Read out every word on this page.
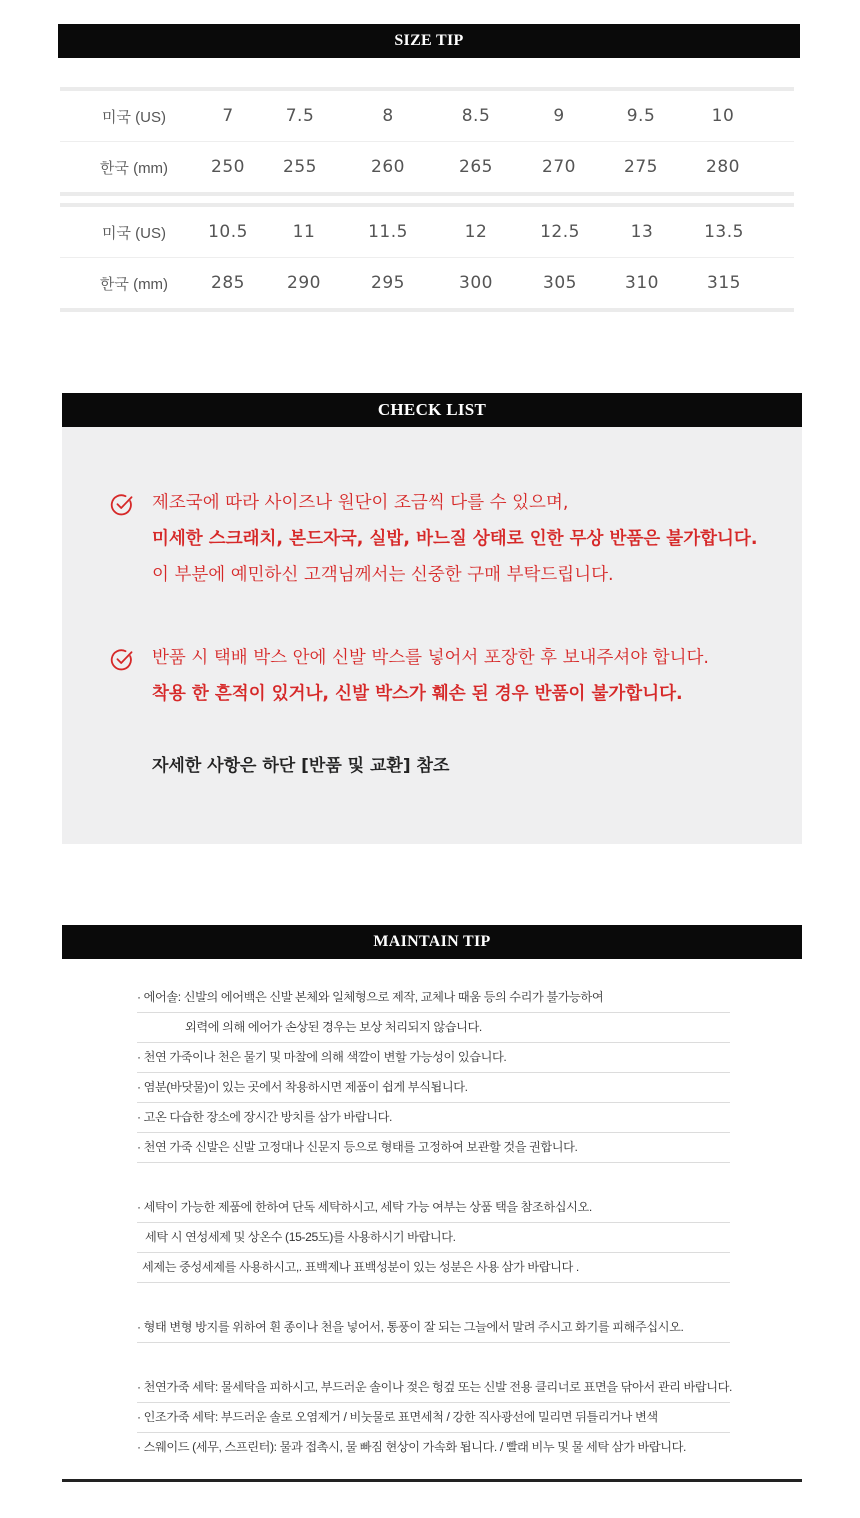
SIZE TIP
미국 (US)	7	7.5	8	8.5	9	9.5	10
한국 (mm)	250	255	260	265	270	275	280
미국 (US)	10.5	11	11.5	12	12.5	13	13.5
한국 (mm)	285	290	295	300	305	310	315
CHECK LIST
제조국에 따라 사이즈나 원단이 조금씩 다를 수 있으며,
미세한 스크래치, 본드자국, 실밥, 바느질 상태로 인한 무상 반품은 불가합니다.
이 부분에 예민하신 고객님께서는 신중한 구매 부탁드립니다.
반품 시 택배 박스 안에 신발 박스를 넣어서 포장한 후 보내주셔야 합니다.
착용 한 흔적이 있거나, 신발 박스가 훼손 된 경우 반품이 불가합니다.
자세한 사항은 하단 [반품 및 교환] 참조
MAINTAIN TIP
· 에어솔: 신발의 에어백은 신발 본체와 일체형으로 제작, 교체나 때움 등의 수리가 불가능하여
외력에 의해 에어가 손상된 경우는 보상 처리되지 않습니다.
· 천연 가죽이나 천은 물기 및 마찰에 의해 색깔이 변할 가능성이 있습니다.
· 염분(바닷물)이 있는 곳에서 착용하시면 제품이 쉽게 부식됩니다.
· 고온 다습한 장소에 장시간 방치를 삼가 바랍니다.
· 천연 가죽 신발은 신발 고정대나 신문지 등으로 형태를 고정하여 보관할 것을 권합니다.
· 세탁이 가능한 제품에 한하여 단독 세탁하시고, 세탁 가능 여부는 상품 택을 참조하십시오.
세탁 시 연성세제 및 상온수 (15-25도)를 사용하시기 바랍니다.
세제는 중성세제를 사용하시고,. 표백제나 표백성분이 있는 성분은 사용 삼가 바랍니다 .
· 형태 변형 방지를 위하여 흰 종이나 천을 넣어서, 통풍이 잘 되는 그늘에서 말려 주시고 화기를 피해주십시오.
· 천연가죽 세탁: 물세탁을 피하시고, 부드러운 솔이나 젖은 헝겊 또는 신발 전용 클리너로 표면을 닦아서 관리 바랍니다.
· 인조가죽 세탁: 부드러운 솔로 오염제거 / 비눗물로 표면세척 / 강한 직사광선에 밀리면 뒤틀리거나 변색
· 스웨이드 (세무, 스프린터): 물과 접촉시, 물 빠짐 현상이 가속화 됩니다. / 빨래 비누 및 물 세탁 삼가 바랍니다.
